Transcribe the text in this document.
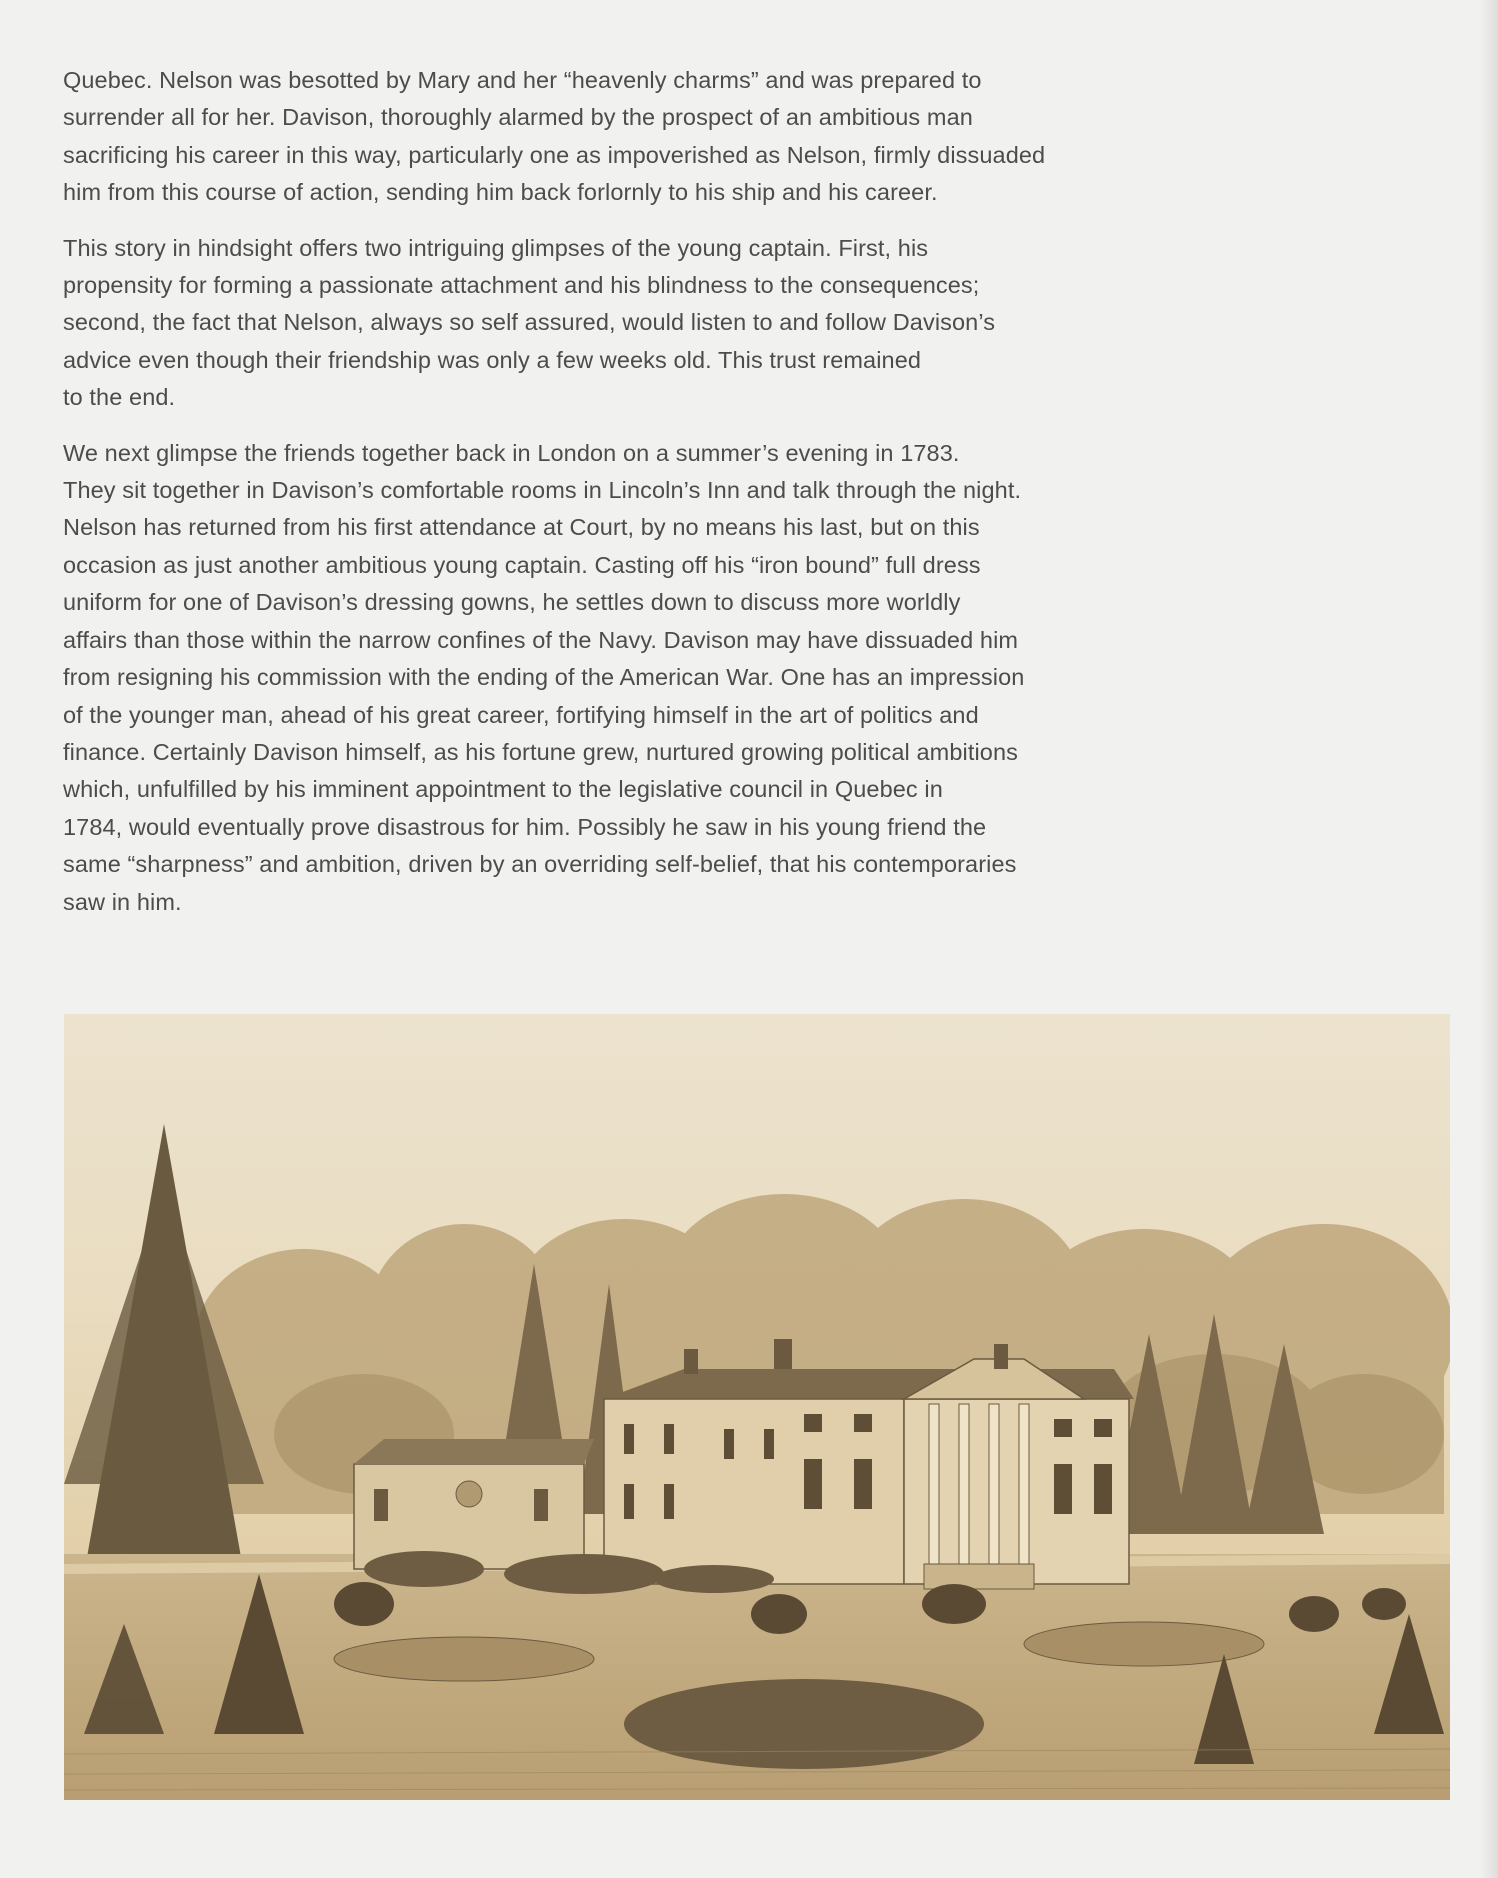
Quebec. Nelson was besotted by Mary and her “heavenly charms” and was prepared to
surrender all for her. Davison, thoroughly alarmed by the prospect of an ambitious man
sacrificing his career in this way, particularly one as impoverished as Nelson, firmly dissuaded
him from this course of action, sending him back forlornly to his ship and his career.

This story in hindsight offers two intriguing glimpses of the young captain. First, his
propensity for forming a passionate attachment and his blindness to the consequences;
second, the fact that Nelson, always so self assured, would listen to and follow Davison’s
advice even though their friendship was only a few weeks old. This trust remained
to the end.

We next glimpse the friends together back in London on a summer’s evening in 1783.
They sit together in Davison’s comfortable rooms in Lincoln’s Inn and talk through the night.
Nelson has returned from his first attendance at Court, by no means his last, but on this
occasion as just another ambitious young captain. Casting off his “iron bound” full dress
uniform for one of Davison’s dressing gowns, he settles down to discuss more worldly
affairs than those within the narrow confines of the Navy. Davison may have dissuaded him
from resigning his commission with the ending of the American War. One has an impression
of the younger man, ahead of his great career, fortifying himself in the art of politics and
finance. Certainly Davison himself, as his fortune grew, nurtured growing political ambitions
which, unfulfilled by his imminent appointment to the legislative council in Quebec in
1784, would eventually prove disastrous for him. Possibly he saw in his young friend the
same “sharpness” and ambition, driven by an overriding self-belief, that his contemporaries
saw in him.
